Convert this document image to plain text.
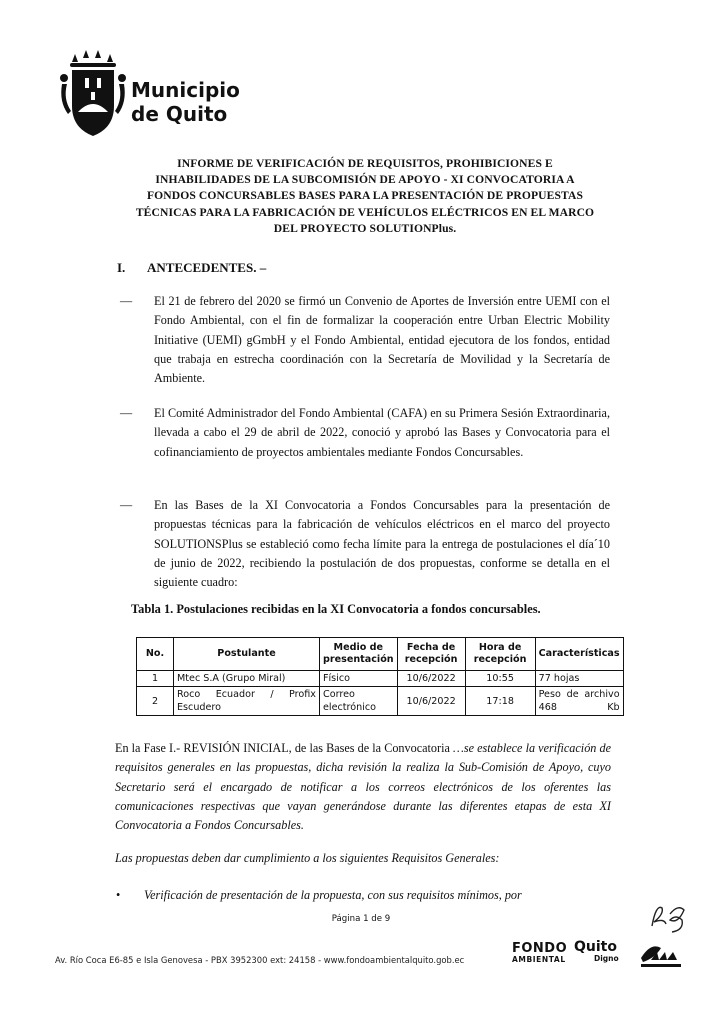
Municipio
de Quito
INFORME DE VERIFICACIÓN DE REQUISITOS, PROHIBICIONES E INHABILIDADES DE LA SUBCOMISIÓN DE APOYO - XI CONVOCATORIA A FONDOS CONCURSABLES BASES PARA LA PRESENTACIÓN DE PROPUESTAS TÉCNICAS PARA LA FABRICACIÓN DE VEHÍCULOS ELÉCTRICOS EN EL MARCO DEL PROYECTO SOLUTIONPlus.
I. ANTECEDENTES. –
—	El 21 de febrero del 2020 se firmó un Convenio de Aportes de Inversión entre UEMI con el Fondo Ambiental, con el fin de formalizar la cooperación entre Urban Electric Mobility Initiative (UEMI) gGmbH y el Fondo Ambiental, entidad ejecutora de los fondos, entidad que trabaja en estrecha coordinación con la Secretaría de Movilidad y la Secretaría de Ambiente.

—	El Comité Administrador del Fondo Ambiental (CAFA) en su Primera Sesión Extraordinaria, llevada a cabo el 29 de abril de 2022, conoció y aprobó las Bases y Convocatoria para el cofinanciamiento de proyectos ambientales mediante Fondos Concursables.

—	En las Bases de la XI Convocatoria a Fondos Concursables para la presentación de propuestas técnicas para la fabricación de vehículos eléctricos en el marco del proyecto SOLUTIONSPlus se estableció como fecha límite para la entrega de postulaciones el día´10 de junio de 2022, recibiendo la postulación de dos propuestas, conforme se detalla en el siguiente cuadro:

Tabla 1. Postulaciones recibidas en la XI Convocatoria a fondos concursables.
No.	Postulante	Medio de presentación	Fecha de recepción	Hora de recepción	Características
1	Mtec S.A (Grupo Miral)	Físico	10/6/2022	10:55	77 hojas
2	Roco Ecuador / Profix Escudero	Correo electrónico	10/6/2022	17:18	Peso de archivo 468 Kb
En la Fase I.- REVISIÓN INICIAL, de las Bases de la Convocatoria …se establece la verificación de requisitos generales en las propuestas, dicha revisión la realiza la Sub-Comisión de Apoyo, cuyo Secretario será el encargado de notificar a los correos electrónicos de los oferentes las comunicaciones respectivas que vayan generándose durante las diferentes etapas de esta XI Convocatoria a Fondos Concursables.
Las propuestas deben dar cumplimiento a los siguientes Requisitos Generales:
• Verificación de presentación de la propuesta, con sus requisitos mínimos, por
Página 1 de 9
Av. Río Coca E6-85 e Isla Genovesa - PBX 3952300 ext: 24158 - www.fondoambientalquito.gob.ec
FONDO
AMBIENTAL
Quito
Digno
